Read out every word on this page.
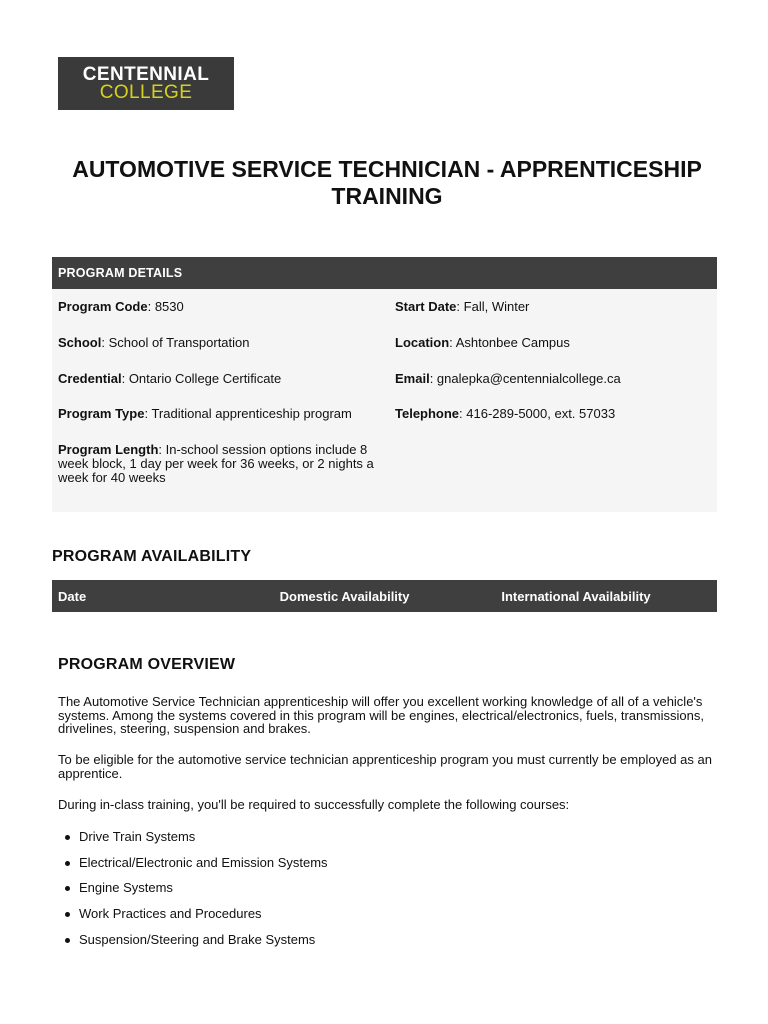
CENTENNIAL
COLLEGE
AUTOMOTIVE SERVICE TECHNICIAN - APPRENTICESHIP TRAINING
PROGRAM DETAILS
Program Code: 8530
School: School of Transportation
Credential: Ontario College Certificate
Program Type: Traditional apprenticeship program
Program Length: In-school session options include 8 week block, 1 day per week for 36 weeks, or 2 nights a week for 40 weeks
Start Date: Fall, Winter
Location: Ashtonbee Campus
Email: gnalepka@centennialcollege.ca
Telephone: 416-289-5000, ext. 57033
PROGRAM AVAILABILITY
Date	Domestic Availability	International Availability
PROGRAM OVERVIEW

The Automotive Service Technician apprenticeship will offer you excellent working knowledge of all of a vehicle's systems. Among the systems covered in this program will be engines, electrical/electronics, fuels, transmissions, drivelines, steering, suspension and brakes.

To be eligible for the automotive service technician apprenticeship program you must currently be employed as an apprentice.

During in-class training, you'll be required to successfully complete the following courses:

Drive Train Systems
Electrical/Electronic and Emission Systems
Engine Systems
Work Practices and Procedures
Suspension/Steering and Brake Systems
